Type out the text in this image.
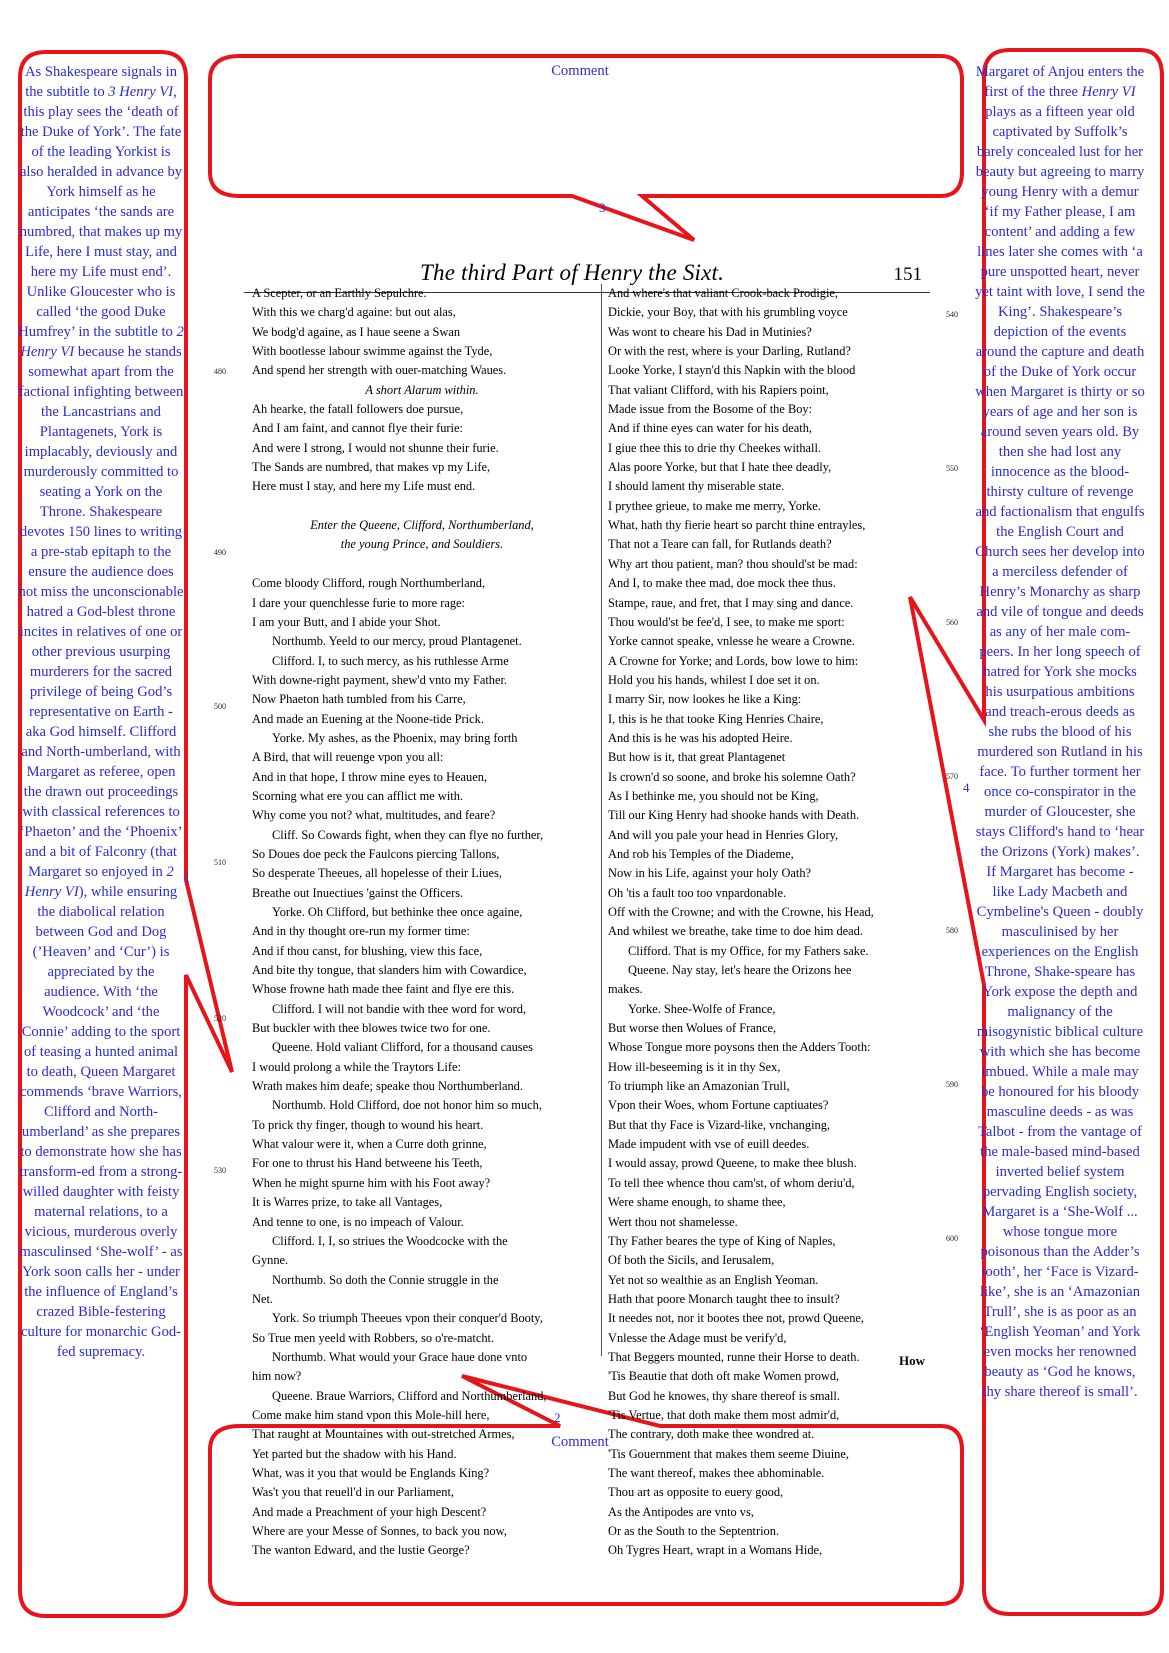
Comment
Comment
1
2
3
4
As Shakespeare signals in the subtitle to 3 Henry VI, this play sees the ‘death of the Duke of York’. The fate of the leading Yorkist is also heralded in advance by York himself as he anticipates ‘the sands are numbred, that makes up my Life, here I must stay, and here my Life must end’. Unlike Gloucester who is called ‘the good Duke Humfrey’ in the subtitle to 2 Henry VI because he stands somewhat apart from the factional infighting between the Lancastrians and Plantagenets, York is implacably, deviously and murderously committed to seating a York on the Throne. Shakespeare devotes 150 lines to writing a pre-stab epitaph to the ensure the audience does not miss the unconscionable hatred a God-blest throne incites in relatives of one or other previous usurping murderers for the sacred privilege of being God’s representative on Earth - aka God himself. Clifford and North-umberland, with Margaret as referee, open the drawn out proceedings with classical references to ‘Phaeton’ and the ‘Phoenix’ and a bit of Falconry (that Margaret so enjoyed in 2 Henry VI), while ensuring the diabolical relation between God and Dog (’Heaven’ and ‘Cur’) is appreciated by the audience. With ‘the Woodcock’ and ‘the Connie’ adding to the sport of teasing a hunted animal to death, Queen Margaret commends ‘brave Warriors, Clifford and North-umberland’ as she prepares to demonstrate how she has transform-ed from a strong-willed daughter with feisty maternal relations, to a vicious, murderous overly masculinsed ‘She-wolf’ - as York soon calls her - under the influence of England’s crazed Bible-festering culture for monarchic God-fed supremacy.
Margaret of Anjou enters the first of the three Henry VI plays as a fifteen year old captivated by Suffolk’s barely concealed lust for her beauty but agreeing to marry young Henry with a demur ‘if my Father please, I am content’ and adding a few lines later she comes with ‘a pure unspotted heart, never yet taint with love, I send the King’. Shakespeare’s depiction of the events around the capture and death of the Duke of York occur when Margaret is thirty or so years of age and her son is around seven years old. By then she had lost any innocence as the blood-thirsty culture of revenge and factionalism that engulfs the English Court and Church sees her develop into a merciless defender of Henry’s Monarchy as sharp and vile of tongue and deeds as any of her male com-peers. In her long speech of hatred for York she mocks his usurpatious ambitions and treach-erous deeds as she rubs the blood of his murdered son Rutland in his face. To further torment her once co-conspirator in the murder of Gloucester, she stays Clifford's hand to ‘hear the Orizons (York) makes’. If Margaret has become - like Lady Macbeth and Cymbeline's Queen - doubly masculinised by her experiences on the English Throne, Shake-speare has York expose the depth and malignancy of the misogynistic biblical culture with which she has become imbued. While a male may be honoured for his bloody masculine deeds - as was Talbot - from the vantage of the male-based mind-based inverted belief system pervading English society, Margaret is a ‘She-Wolf ... whose tongue more poisonous than the Adder’s tooth’, her ‘Face is Vizard-like’, she is an ‘Amazonian Trull’, she is as poor as an ‘English Yeoman’ and York even mocks her renowned beauty as ‘God he knows, thy share thereof is small’.
The third Part of Henry the Sixt.	151
A Scepter, or an Earthly Sepulchre.
With this we charg'd againe: but out alas,
We bodg'd againe, as I haue seene a Swan
With bootlesse labour swimme against the Tyde,
And spend her strength with ouer-matching Waues.
A short Alarum within.
Ah hearke, the fatall followers doe pursue,
And I am faint, and cannot flye their furie:
And were I strong, I would not shunne their furie.
The Sands are numbred, that makes vp my Life,
Here must I stay, and here my Life must end.
Enter the Queene, Clifford, Northumberland,
the young Prince, and Souldiers.
Come bloody Clifford, rough Northumberland,
I dare your quenchlesse furie to more rage:
I am your Butt, and I abide your Shot.
Northumb. Yeeld to our mercy, proud Plantagenet.
Clifford. I, to such mercy, as his ruthlesse Arme
With downe-right payment, shew'd vnto my Father.
Now Phaeton hath tumbled from his Carre,
And made an Euening at the Noone-tide Prick.
Yorke. My ashes, as the Phoenix, may bring forth
A Bird, that will reuenge vpon you all:
And in that hope, I throw mine eyes to Heauen,
Scorning what ere you can afflict me with.
Why come you not? what, multitudes, and feare?
Cliff. So Cowards fight, when they can flye no further,
So Doues doe peck the Faulcons piercing Tallons,
So desperate Theeues, all hopelesse of their Liues,
Breathe out Inuectiues 'gainst the Officers.
Yorke. Oh Clifford, but bethinke thee once againe,
And in thy thought ore-run my former time:
And if thou canst, for blushing, view this face,
And bite thy tongue, that slanders him with Cowardice,
Whose frowne hath made thee faint and flye ere this.
Clifford. I will not bandie with thee word for word,
But buckler with thee blowes twice two for one.
Queene. Hold valiant Clifford, for a thousand causes
I would prolong a while the Traytors Life:
Wrath makes him deafe; speake thou Northumberland.
Northumb. Hold Clifford, doe not honor him so much,
To prick thy finger, though to wound his heart.
What valour were it, when a Curre doth grinne,
For one to thrust his Hand betweene his Teeth,
When he might spurne him with his Foot away?
It is Warres prize, to take all Vantages,
And tenne to one, is no impeach of Valour.
Clifford. I, I, so striues the Woodcocke with the
Gynne.
Northumb. So doth the Connie struggle in the
Net.
York. So triumph Theeues vpon their conquer'd Booty,
So True men yeeld with Robbers, so o're-matcht.
Northumb. What would your Grace haue done vnto
him now?
Queene. Braue Warriors, Clifford and Northumberland,
Come make him stand vpon this Mole-hill here,
That raught at Mountaines with out-stretched Armes,
Yet parted but the shadow with his Hand.
What, was it you that would be Englands King?
Was't you that reuell'd in our Parliament,
And made a Preachment of your high Descent?
Where are your Messe of Sonnes, to back you now,
The wanton Edward, and the lustie George?
And where's that valiant Crook-back Prodigie,
Dickie, your Boy, that with his grumbling voyce
Was wont to cheare his Dad in Mutinies?
Or with the rest, where is your Darling, Rutland?
Looke Yorke, I stayn'd this Napkin with the blood
That valiant Clifford, with his Rapiers point,
Made issue from the Bosome of the Boy:
And if thine eyes can water for his death,
I giue thee this to drie thy Cheekes withall.
Alas poore Yorke, but that I hate thee deadly,
I should lament thy miserable state.
I prythee grieue, to make me merry, Yorke.
What, hath thy fierie heart so parcht thine entrayles,
That not a Teare can fall, for Rutlands death?
Why art thou patient, man? thou should'st be mad:
And I, to make thee mad, doe mock thee thus.
Stampe, raue, and fret, that I may sing and dance.
Thou would'st be fee'd, I see, to make me sport:
Yorke cannot speake, vnlesse he weare a Crowne.
A Crowne for Yorke; and Lords, bow lowe to him:
Hold you his hands, whilest I doe set it on.
I marry Sir, now lookes he like a King:
I, this is he that tooke King Henries Chaire,
And this is he was his adopted Heire.
But how is it, that great Plantagenet
Is crown'd so soone, and broke his solemne Oath?
As I bethinke me, you should not be King,
Till our King Henry had shooke hands with Death.
And will you pale your head in Henries Glory,
And rob his Temples of the Diademe,
Now in his Life, against your holy Oath?
Oh 'tis a fault too too vnpardonable.
Off with the Crowne; and with the Crowne, his Head,
And whilest we breathe, take time to doe him dead.
Clifford. That is my Office, for my Fathers sake.
Queene. Nay stay, let's heare the Orizons hee
makes.
Yorke. Shee-Wolfe of France,
But worse then Wolues of France,
Whose Tongue more poysons then the Adders Tooth:
How ill-beseeming is it in thy Sex,
To triumph like an Amazonian Trull,
Vpon their Woes, whom Fortune captiuates?
But that thy Face is Vizard-like, vnchanging,
Made impudent with vse of euill deedes.
I would assay, prowd Queene, to make thee blush.
To tell thee whence thou cam'st, of whom deriu'd,
Were shame enough, to shame thee,
Wert thou not shamelesse.
Thy Father beares the type of King of Naples,
Of both the Sicils, and Ierusalem,
Yet not so wealthie as an English Yeoman.
Hath that poore Monarch taught thee to insult?
It needes not, nor it bootes thee not, prowd Queene,
Vnlesse the Adage must be verify'd,
That Beggers mounted, runne their Horse to death.
'Tis Beautie that doth oft make Women prowd,
But God he knowes, thy share thereof is small.
'Tis Vertue, that doth make them most admir'd,
The contrary, doth make thee wondred at.
'Tis Gouernment that makes them seeme Diuine,
The want thereof, makes thee abhominable.
Thou art as opposite to euery good,
As the Antipodes are vnto vs,
Or as the South to the Septentrion.
Oh Tygres Heart, wrapt in a Womans Hide,
480
490
500
510
520
530
540
550
560
570
580
590
600
How
